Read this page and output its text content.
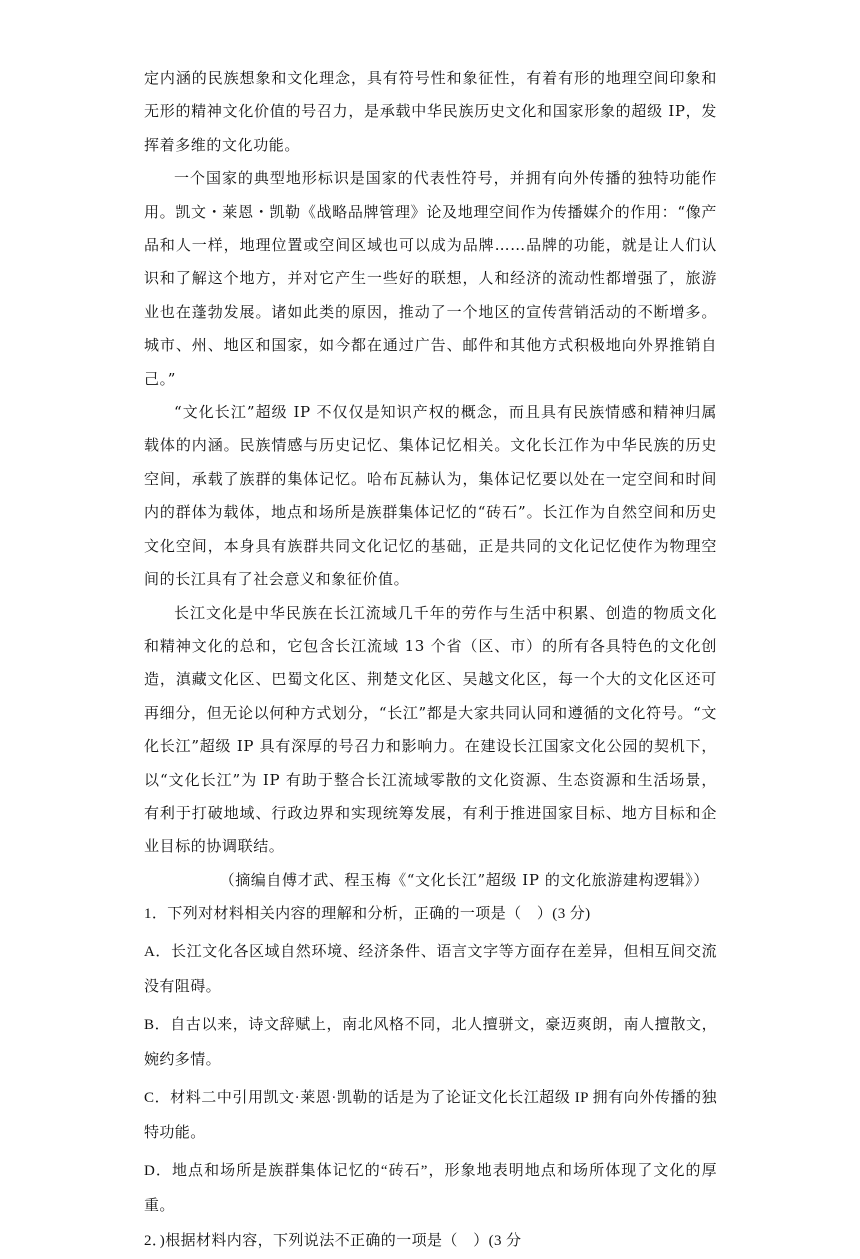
定内涵的民族想象和文化理念，具有符号性和象征性，有着有形的地理空间印象和无形的精神文化价值的号召力，是承载中华民族历史文化和国家形象的超级 IP，发挥着多维的文化功能。

一个国家的典型地形标识是国家的代表性符号，并拥有向外传播的独特功能作用。凯文・莱恩・凯勒《战略品牌管理》论及地理空间作为传播媒介的作用：“像产品和人一样，地理位置或空间区域也可以成为品牌……品牌的功能，就是让人们认识和了解这个地方，并对它产生一些好的联想，人和经济的流动性都增强了，旅游业也在蓬勃发展。诸如此类的原因，推动了一个地区的宣传营销活动的不断增多。城市、州、地区和国家，如今都在通过广告、邮件和其他方式积极地向外界推销自己。”

“文化长江”超级 IP 不仅仅是知识产权的概念，而且具有民族情感和精神归属载体的内涵。民族情感与历史记忆、集体记忆相关。文化长江作为中华民族的历史空间，承载了族群的集体记忆。哈布瓦赫认为，集体记忆要以处在一定空间和时间内的群体为载体，地点和场所是族群集体记忆的“砖石”。长江作为自然空间和历史文化空间，本身具有族群共同文化记忆的基础，正是共同的文化记忆使作为物理空间的长江具有了社会意义和象征价值。

长江文化是中华民族在长江流域几千年的劳作与生活中积累、创造的物质文化和精神文化的总和，它包含长江流域 13 个省（区、市）的所有各具特色的文化创造，滇藏文化区、巴蜀文化区、荆楚文化区、吴越文化区，每一个大的文化区还可再细分，但无论以何种方式划分，“长江”都是大家共同认同和遵循的文化符号。“文化长江”超级 IP 具有深厚的号召力和影响力。在建设长江国家文化公园的契机下，以“文化长江”为 IP 有助于整合长江流域零散的文化资源、生态资源和生活场景，有利于打破地域、行政边界和实现统筹发展，有利于推进国家目标、地方目标和企业目标的协调联结。

（摘编自傅才武、程玉梅《“文化长江”超级 IP 的文化旅游建构逻辑》）

1．下列对材料相关内容的理解和分析，正确的一项是（　）(3 分)

A．长江文化各区域自然环境、经济条件、语言文字等方面存在差异，但相互间交流没有阻碍。

B．自古以来，诗文辞赋上，南北风格不同，北人擅骈文，豪迈爽朗，南人擅散文，婉约多情。

C．材料二中引用凯文·莱恩·凯勒的话是为了论证文化长江超级 IP 拥有向外传播的独特功能。

D．地点和场所是族群集体记忆的“砖石”，形象地表明地点和场所体现了文化的厚重。

2．)根据材料内容，下列说法不正确的一项是（　）(3 分
